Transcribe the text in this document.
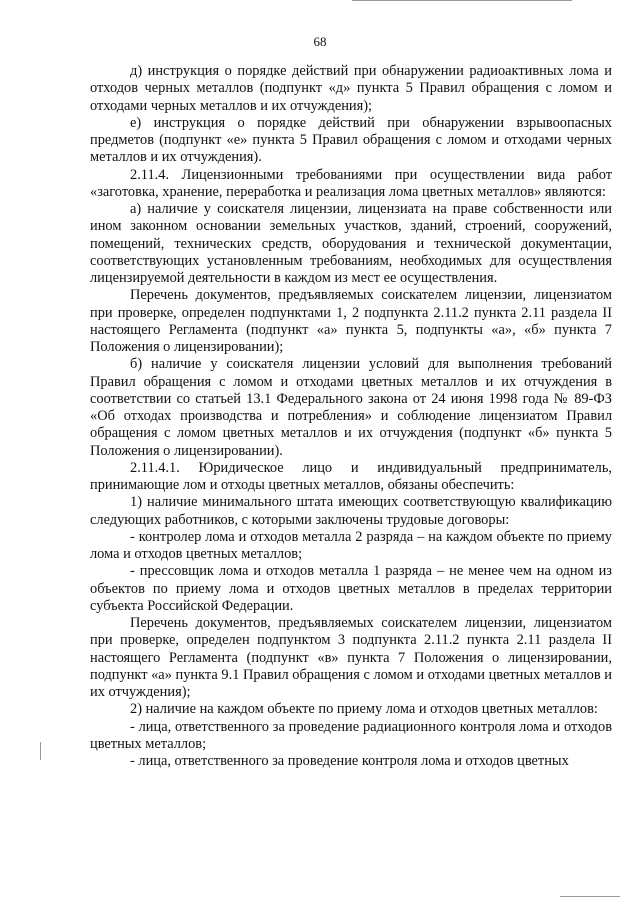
68

д) инструкция о порядке действий при обнаружении радиоактивных лома и отходов черных металлов (подпункт «д» пункта 5 Правил обращения с ломом и отходами черных металлов и их отчуждения);

е) инструкция о порядке действий при обнаружении взрывоопасных предметов (подпункт «е» пункта 5 Правил обращения с ломом и отходами черных металлов и их отчуждения).

2.11.4. Лицензионными требованиями при осуществлении вида работ «заготовка, хранение, переработка и реализация лома цветных металлов» являются:

а) наличие у соискателя лицензии, лицензиата на праве собственности или ином законном основании земельных участков, зданий, строений, сооружений, помещений, технических средств, оборудования и технической документации, соответствующих установленным требованиям, необходимых для осуществления лицензируемой деятельности в каждом из мест ее осуществления.

Перечень документов, предъявляемых соискателем лицензии, лицензиатом при проверке, определен подпунктами 1, 2 подпункта 2.11.2 пункта 2.11 раздела II настоящего Регламента (подпункт «а» пункта 5, подпункты «а», «б» пункта 7 Положения о лицензировании);

б) наличие у соискателя лицензии условий для выполнения требований Правил обращения с ломом и отходами цветных металлов и их отчуждения в соответствии со статьей 13.1 Федерального закона от 24 июня 1998 года № 89-ФЗ «Об отходах производства и потребления» и соблюдение лицензиатом Правил обращения с ломом цветных металлов и их отчуждения (подпункт «б» пункта 5 Положения о лицензировании).

2.11.4.1. Юридическое лицо и индивидуальный предприниматель, принимающие лом и отходы цветных металлов, обязаны обеспечить:

1) наличие минимального штата имеющих соответствующую квалификацию следующих работников, с которыми заключены трудовые договоры:

- контролер лома и отходов металла 2 разряда – на каждом объекте по приему лома и отходов цветных металлов;

- прессовщик лома и отходов металла 1 разряда – не менее чем на одном из объектов по приему лома и отходов цветных металлов в пределах территории субъекта Российской Федерации.

Перечень документов, предъявляемых соискателем лицензии, лицензиатом при проверке, определен подпунктом 3 подпункта 2.11.2 пункта 2.11 раздела II настоящего Регламента (подпункт «в» пункта 7 Положения о лицензировании, подпункт «а» пункта 9.1 Правил обращения с ломом и отходами цветных металлов и их отчуждения);

2) наличие на каждом объекте по приему лома и отходов цветных металлов:

- лица, ответственного за проведение радиационного контроля лома и отходов цветных металлов;

- лица, ответственного за проведение контроля лома и отходов цветных
